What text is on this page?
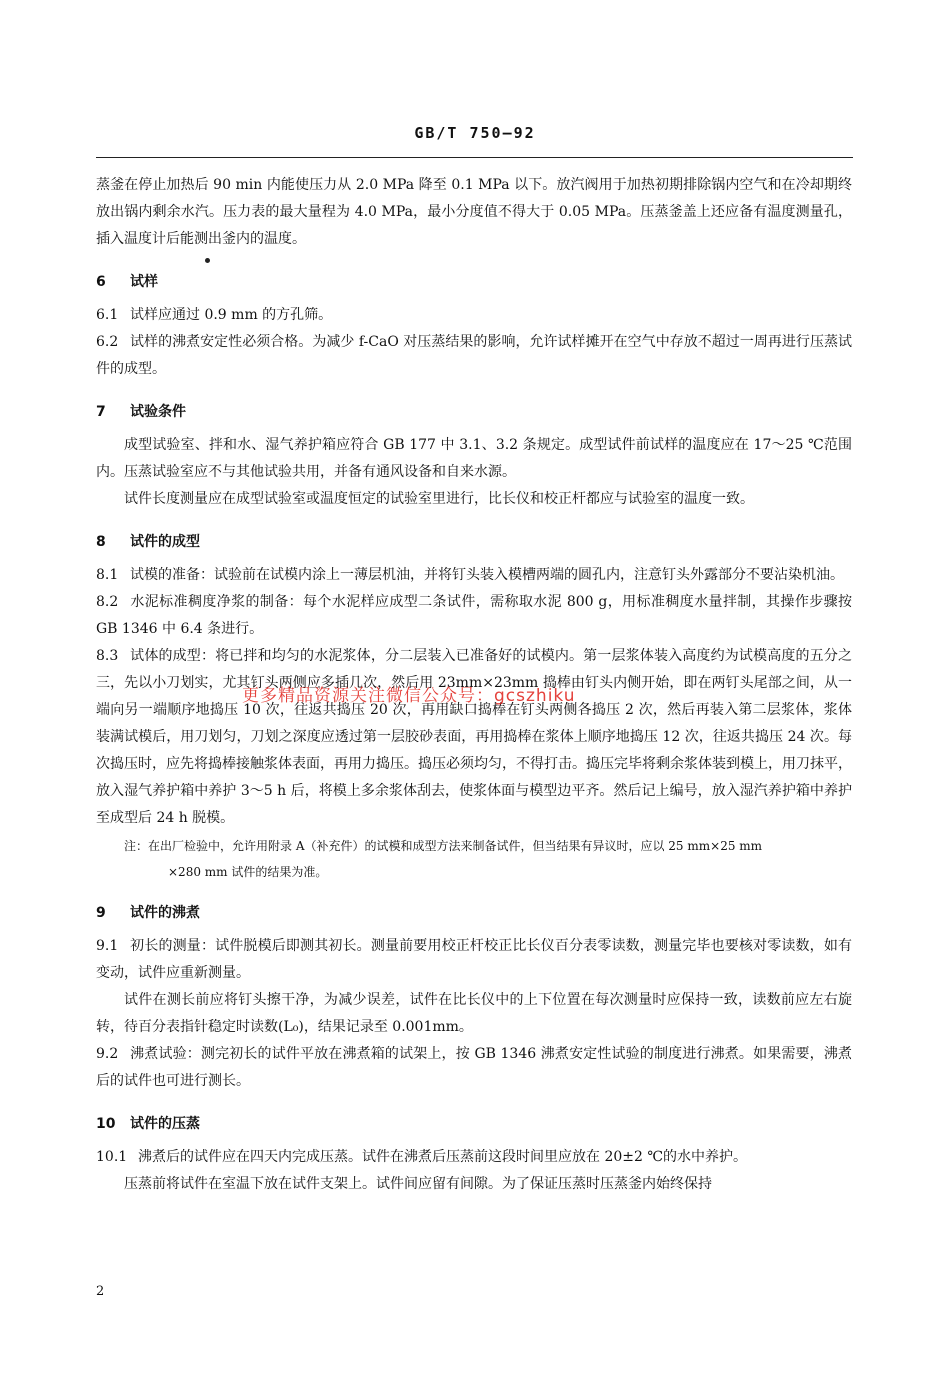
GB/T 750—92

蒸釜在停止加热后 90 min 内能使压力从 2.0 MPa 降至 0.1 MPa 以下。放汽阀用于加热初期排除锅内空气和在冷却期终放出锅内剩余水汽。压力表的最大量程为 4.0 MPa，最小分度值不得大于 0.05 MPa。压蒸釜盖上还应备有温度测量孔，插入温度计后能测出釜内的温度。

6 试样

6.1 试样应通过 0.9 mm 的方孔筛。

6.2 试样的沸煮安定性必须合格。为减少 f-CaO 对压蒸结果的影响，允许试样摊开在空气中存放不超过一周再进行压蒸试件的成型。

7 试验条件

成型试验室、拌和水、湿气养护箱应符合 GB 177 中 3.1、3.2 条规定。成型试件前试样的温度应在 17～25 ℃范围内。压蒸试验室应不与其他试验共用，并备有通风设备和自来水源。

试件长度测量应在成型试验室或温度恒定的试验室里进行，比长仪和校正杆都应与试验室的温度一致。

8 试件的成型

8.1 试模的准备：试验前在试模内涂上一薄层机油，并将钉头装入模槽两端的圆孔内，注意钉头外露部分不要沾染机油。

8.2 水泥标准稠度净浆的制备：每个水泥样应成型二条试件，需称取水泥 800 g，用标准稠度水量拌制，其操作步骤按 GB 1346 中 6.4 条进行。

8.3 试体的成型：将已拌和均匀的水泥浆体，分二层装入已准备好的试模内。第一层浆体装入高度约为试模高度的五分之三，先以小刀划实，尤其钉头两侧应多插几次，然后用 23mm×23mm 捣棒由钉头内侧开始，即在两钉头尾部之间，从一端向另一端顺序地捣压 10 次，往返共捣压 20 次，再用缺口捣棒在钉头两侧各捣压 2 次，然后再装入第二层浆体，浆体装满试模后，用刀划匀，刀划之深度应透过第一层胶砂表面，再用捣棒在浆体上顺序地捣压 12 次，往返共捣压 24 次。每次捣压时，应先将捣棒接触浆体表面，再用力捣压。捣压必须均匀，不得打击。捣压完毕将剩余浆体装到模上，用刀抹平，放入湿气养护箱中养护 3～5 h 后，将模上多余浆体刮去，使浆体面与模型边平齐。然后记上编号，放入湿汽养护箱中养护至成型后 24 h 脱模。

注：在出厂检验中，允许用附录 A（补充件）的试模和成型方法来制备试件，但当结果有异议时，应以 25 mm×25 mm

×280 mm 试件的结果为准。

9 试件的沸煮

9.1 初长的测量：试件脱模后即测其初长。测量前要用校正杆校正比长仪百分表零读数，测量完毕也要核对零读数，如有变动，试件应重新测量。

试件在测长前应将钉头擦干净，为减少误差，试件在比长仪中的上下位置在每次测量时应保持一致，读数前应左右旋转，待百分表指针稳定时读数(L₀)，结果记录至 0.001mm。

9.2 沸煮试验：测完初长的试件平放在沸煮箱的试架上，按 GB 1346 沸煮安定性试验的制度进行沸煮。如果需要，沸煮后的试件也可进行测长。

10 试件的压蒸

10.1 沸煮后的试件应在四天内完成压蒸。试件在沸煮后压蒸前这段时间里应放在 20±2 ℃的水中养护。

压蒸前将试件在室温下放在试件支架上。试件间应留有间隙。为了保证压蒸时压蒸釜内始终保持

更多精品资源关注微信公众号：gcszhiku
2
